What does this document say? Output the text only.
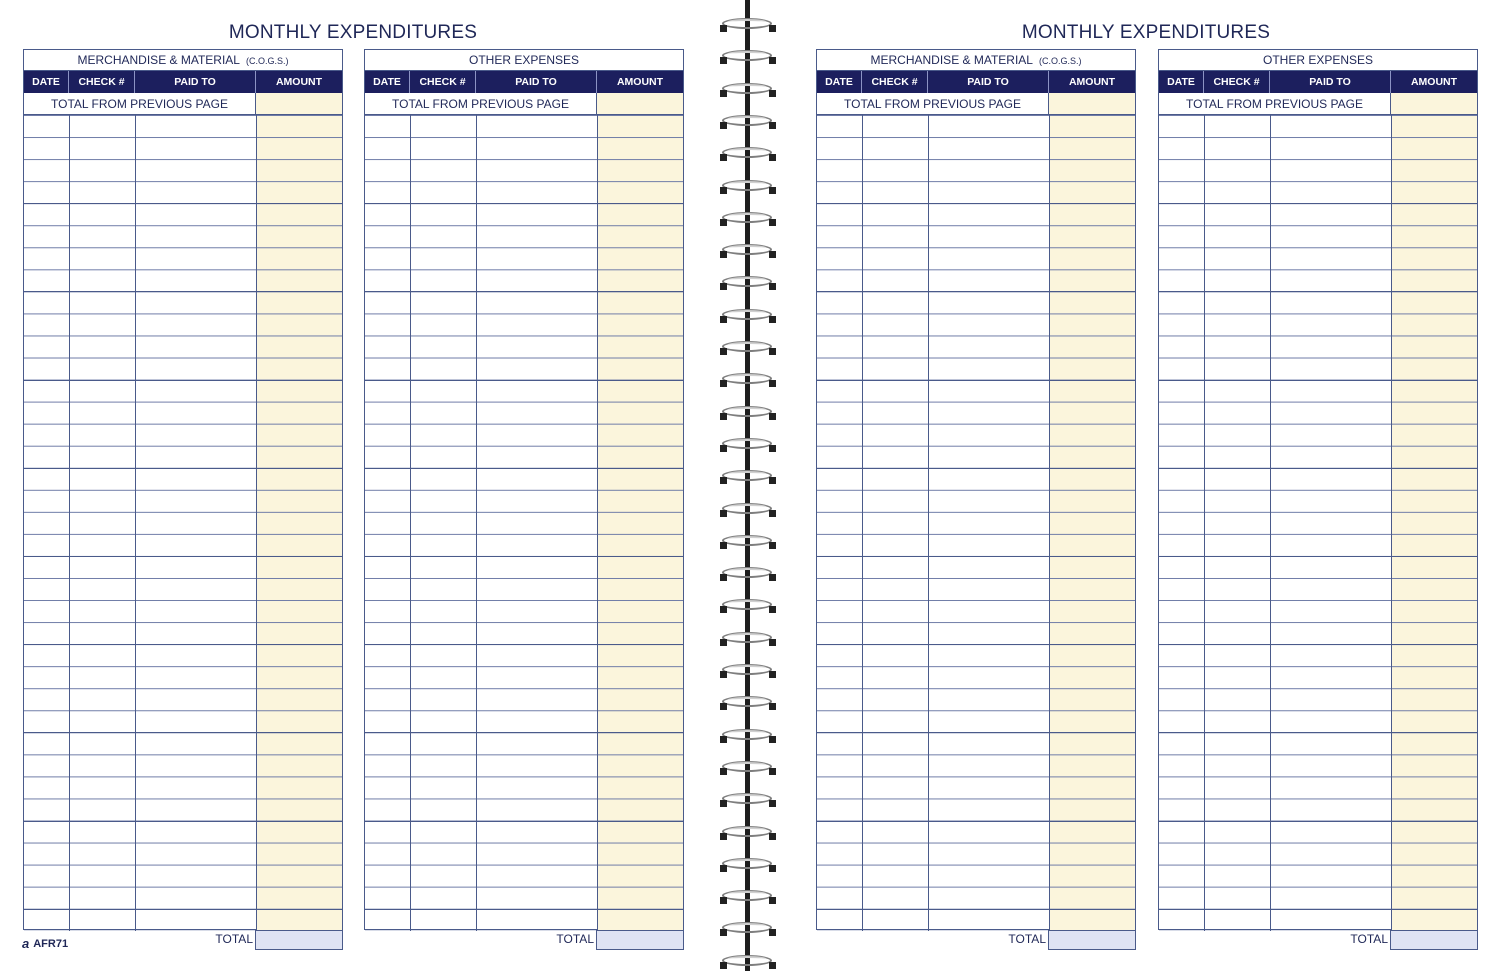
MONTHLY EXPENDITURES
MERCHANDISE & MATERIAL (C.O.G.S.)
DATE	CHECK #	PAID TO	AMOUNT
TOTAL FROM PREVIOUS PAGE
TOTAL
OTHER EXPENSES
DATE	CHECK #	PAID TO	AMOUNT
TOTAL FROM PREVIOUS PAGE
TOTAL
a AFR71
MONTHLY EXPENDITURES
MERCHANDISE & MATERIAL (C.O.G.S.)
DATE	CHECK #	PAID TO	AMOUNT
TOTAL FROM PREVIOUS PAGE
TOTAL
OTHER EXPENSES
DATE	CHECK #	PAID TO	AMOUNT
TOTAL FROM PREVIOUS PAGE
TOTAL
